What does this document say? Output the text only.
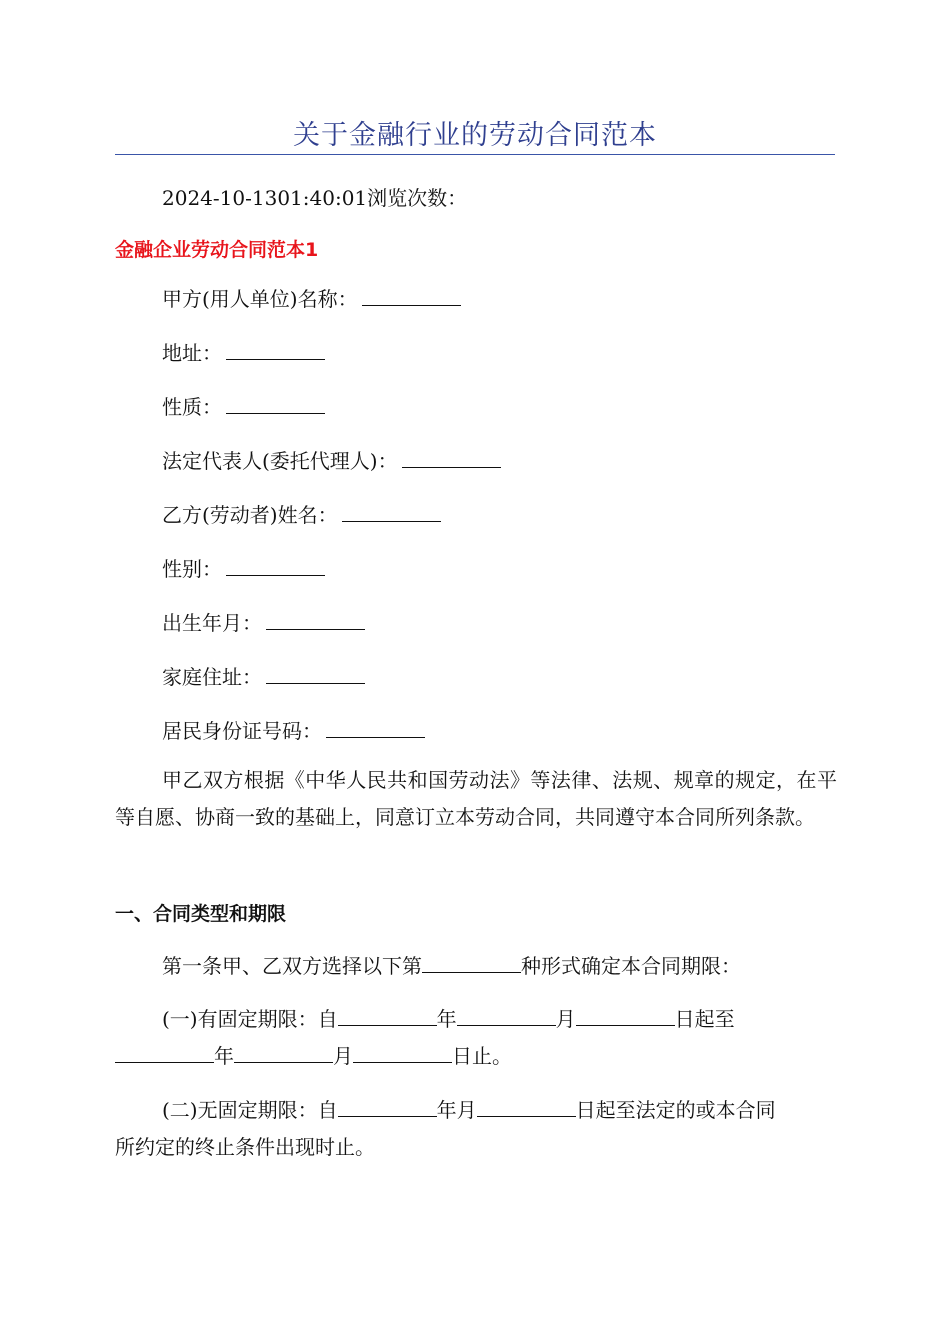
关于金融行业的劳动合同范本

2024-10-1301:40:01浏览次数：

金融企业劳动合同范本1

甲方(用人单位)名称：

地址：

性质：

法定代表人(委托代理人)：

乙方(劳动者)姓名：

性别：

出生年月：

家庭住址：

居民身份证号码：

甲乙双方根据《中华人民共和国劳动法》等法律、法规、规章的规定，在平等自愿、协商一致的基础上，同意订立本劳动合同，共同遵守本合同所列条款。

一、合同类型和期限

第一条甲、乙双方选择以下第	种形式确定本合同期限：

(一)有固定期限：自	年	月	日起至

年	月	日止。

(二)无固定期限：自	年月	日起至法定的或本合同

所约定的终止条件出现时止。
